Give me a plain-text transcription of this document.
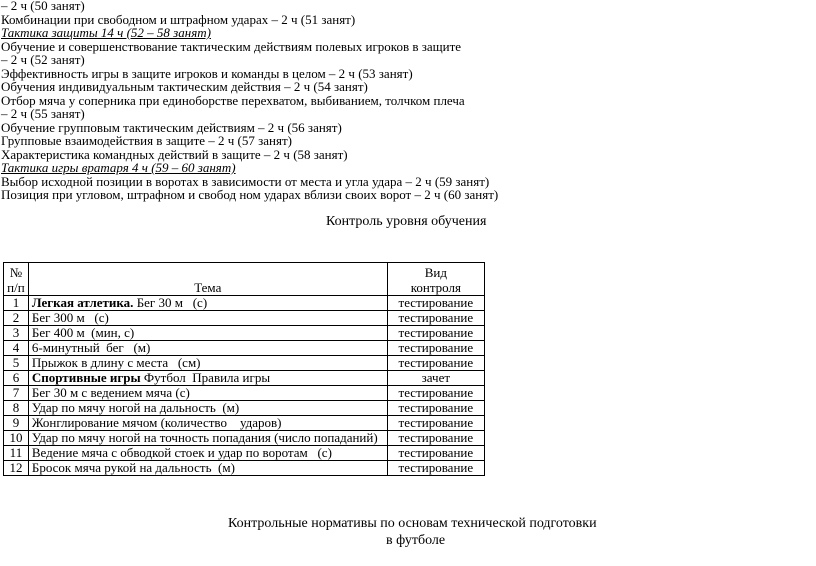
– 2 ч (50 занят)
Комбинации при свободном и штрафном ударах – 2 ч (51 занят)
Тактика защиты 14 ч (52 – 58 занят)
Обучение и совершенствование тактическим действиям полевых игроков в защите
– 2 ч (52 занят)
Эффективность игры в защите игроков и команды в целом – 2 ч (53 занят)
Обучения индивидуальным тактическим действия – 2 ч (54 занят)
Отбор мяча у соперника при единоборстве перехватом, выбиванием, толчком плеча
– 2 ч (55 занят)
Обучение групповым тактическим действиям – 2 ч (56 занят)
Групповые взаимодействия в защите – 2 ч (57 занят)
Характеристика командных действий в защите – 2 ч (58 занят)
Тактика игры вратаря 4 ч (59 – 60 занят)
Выбор исходной позиции в воротах в зависимости от места и угла удара – 2 ч (59 занят)
Позиция при угловом, штрафном и свобод ном ударах вблизи своих ворот – 2 ч (60 занят)
Контроль уровня обучения
№
п/п	Тема	Вид
контроля

1	Легкая атлетика. Бег 30 м   (с)	тестирование
2	Бег 300 м   (с)	тестирование
3	Бег 400 м  (мин, с)	тестирование
4	6-минутный  бег   (м)	тестирование
5	Прыжок в длину с места   (см)	тестирование
6	Спортивные игры Футбол  Правила игры	зачет
7	Бег 30 м с ведением мяча (с)	тестирование
8	Удар по мячу ногой на дальность  (м)	тестирование
9	Жонглирование мячом (количество    ударов)	тестирование
10	Удар по мячу ногой на точность попадания (число попаданий)	тестирование
11	Ведение мяча с обводкой стоек и удар по воротам   (с)	тестирование
12	Бросок мяча рукой на дальность  (м)	тестирование
Контрольные нормативы по основам технической подготовки
в футболе
